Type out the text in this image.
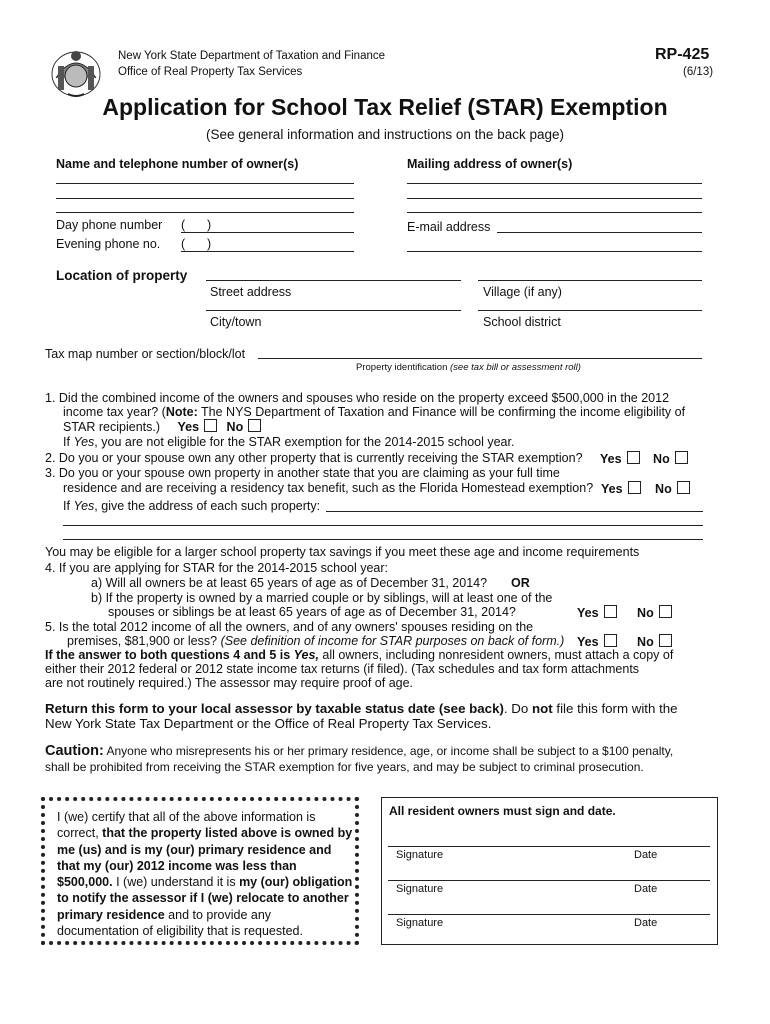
New York State Department of Taxation and Finance
Office of Real Property Tax Services
RP-425
(6/13)
Application for School Tax Relief (STAR) Exemption
(See general information and instructions on the back page)
Name and telephone number of owner(s)	Mailing address of owner(s)
Day phone number ( )
Evening phone no. ( )
E-mail address
Location of property
Street address	Village (if any)
City/town	School district
Tax map number or section/block/lot
Property identification (see tax bill or assessment roll)
1. Did the combined income of the owners and spouses who reside on the property exceed $500,000 in the 2012
income tax year? (Note: The NYS Department of Taxation and Finance will be confirming the income eligibility of
STAR recipients.) Yes No
If Yes, you are not eligible for the STAR exemption for the 2014-2015 school year.
2. Do you or your spouse own any other property that is currently receiving the STAR exemption? Yes	No
3. Do you or your spouse own property in another state that you are claiming as your full time
residence and are receiving a residency tax benefit, such as the Florida Homestead exemption? Yes	No
If Yes, give the address of each such property:
You may be eligible for a larger school property tax savings if you meet these age and income requirements
4. If you are applying for STAR for the 2014-2015 school year:
a) Will all owners be at least 65 years of age as of December 31, 2014? OR
b) If the property is owned by a married couple or by siblings, will at least one of the
spouses or siblings be at least 65 years of age as of December 31, 2014?	Yes	No
5. Is the total 2012 income of all the owners, and of any owners' spouses residing on the
premises, $81,900 or less? (See definition of income for STAR purposes on back of form.) Yes	No
If the answer to both questions 4 and 5 is Yes, all owners, including nonresident owners, must attach a copy of
either their 2012 federal or 2012 state income tax returns (if filed). (Tax schedules and tax form attachments
are not routinely required.) The assessor may require proof of age.
Return this form to your local assessor by taxable status date (see back). Do not file this form with the
New York State Tax Department or the Office of Real Property Tax Services.
Caution: Anyone who misrepresents his or her primary residence, age, or income shall be subject to a $100 penalty,
shall be prohibited from receiving the STAR exemption for five years, and may be subject to criminal prosecution.
I (we) certify that all of the above information is correct, that the property listed above is owned by me (us) and is my (our) primary residence and that my (our) 2012 income was less than $500,000. I (we) understand it is my (our) obligation to notify the assessor if I (we) relocate to another primary residence and to provide any documentation of eligibility that is requested.
All resident owners must sign and date.
Signature	Date
Signature	Date
Signature	Date
